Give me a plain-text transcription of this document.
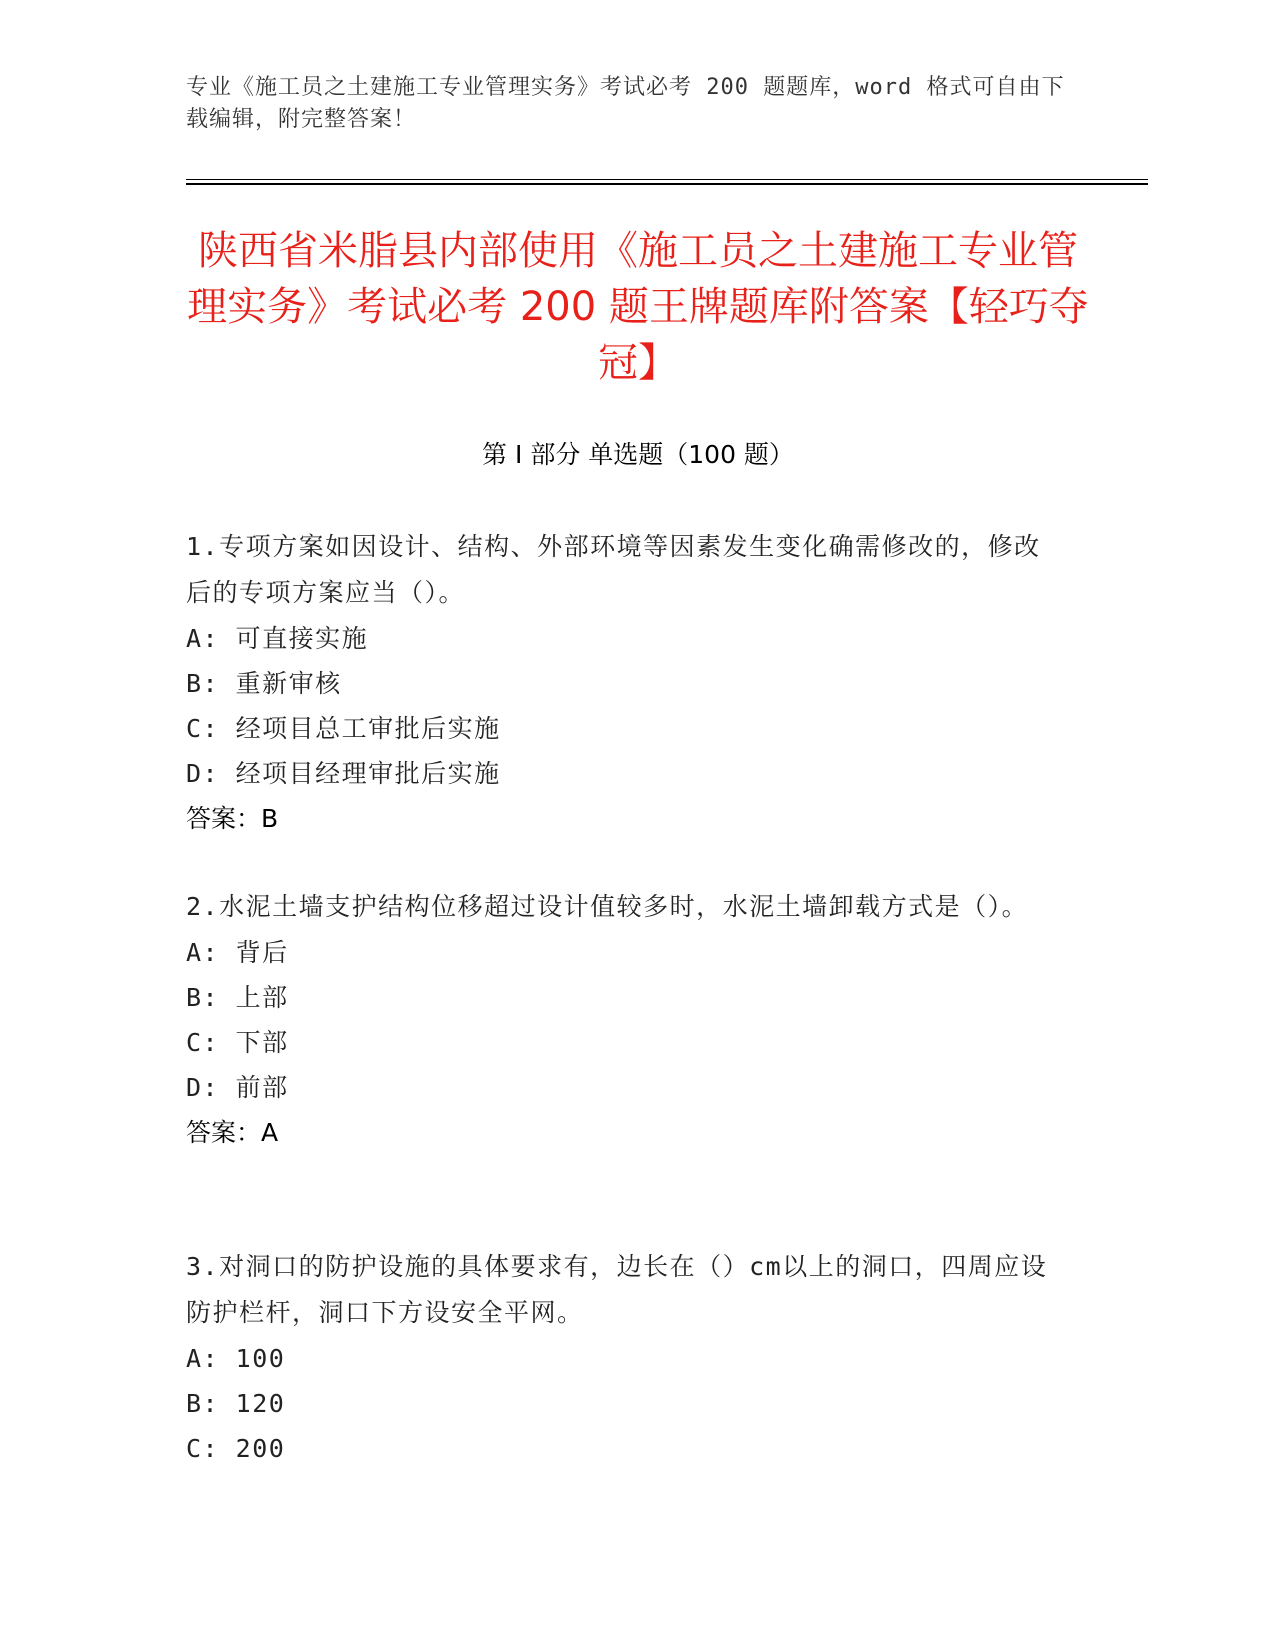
专业《施工员之土建施工专业管理实务》考试必考 200 题题库，word 格式可自由下载编辑，附完整答案！
陕西省米脂县内部使用《施工员之土建施工专业管理实务》考试必考 200 题王牌题库附答案【轻巧夺冠】
第 I 部分 单选题（100 题）
1.专项方案如因设计、结构、外部环境等因素发生变化确需修改的，修改后的专项方案应当（）。
A: 可直接实施
B: 重新审核
C: 经项目总工审批后实施
D: 经项目经理审批后实施
答案：B
2.水泥土墙支护结构位移超过设计值较多时，水泥土墙卸载方式是（）。
A: 背后
B: 上部
C: 下部
D: 前部
答案：A
3.对洞口的防护设施的具体要求有，边长在（）cm以上的洞口，四周应设防护栏杆，洞口下方设安全平网。
A: 100
B: 120
C: 200
